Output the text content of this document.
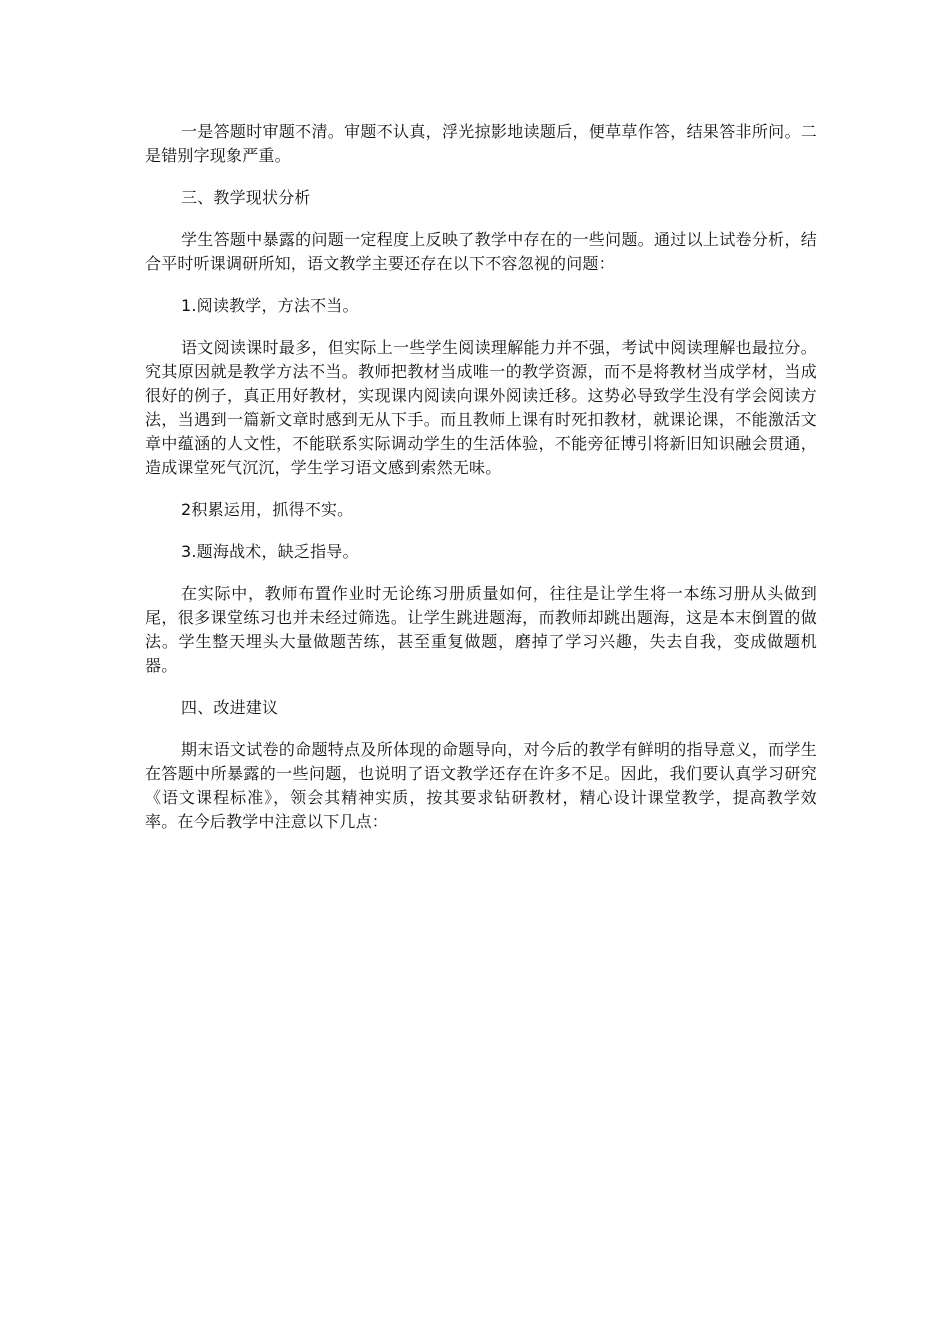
一是答题时审题不清。审题不认真，浮光掠影地读题后，便草草作答，结果答非所问。二是错别字现象严重。

三、教学现状分析

学生答题中暴露的问题一定程度上反映了教学中存在的一些问题。通过以上试卷分析，结合平时听课调研所知，语文教学主要还存在以下不容忽视的问题：

1.阅读教学，方法不当。

语文阅读课时最多，但实际上一些学生阅读理解能力并不强，考试中阅读理解也最拉分。究其原因就是教学方法不当。教师把教材当成唯一的教学资源，而不是将教材当成学材，当成很好的例子，真正用好教材，实现课内阅读向课外阅读迁移。这势必导致学生没有学会阅读方法，当遇到一篇新文章时感到无从下手。而且教师上课有时死扣教材，就课论课，不能激活文章中蕴涵的人文性，不能联系实际调动学生的生活体验，不能旁征博引将新旧知识融会贯通，造成课堂死气沉沉，学生学习语文感到索然无味。

2积累运用，抓得不实。

3.题海战术，缺乏指导。

在实际中，教师布置作业时无论练习册质量如何，往往是让学生将一本练习册从头做到尾，很多课堂练习也并未经过筛选。让学生跳进题海，而教师却跳出题海，这是本末倒置的做法。学生整天埋头大量做题苦练，甚至重复做题，磨掉了学习兴趣，失去自我，变成做题机器。

四、改进建议

期末语文试卷的命题特点及所体现的命题导向，对今后的教学有鲜明的指导意义，而学生在答题中所暴露的一些问题，也说明了语文教学还存在许多不足。因此，我们要认真学习研究《语文课程标准》，领会其精神实质，按其要求钻研教材，精心设计课堂教学，提高教学效率。在今后教学中注意以下几点：
